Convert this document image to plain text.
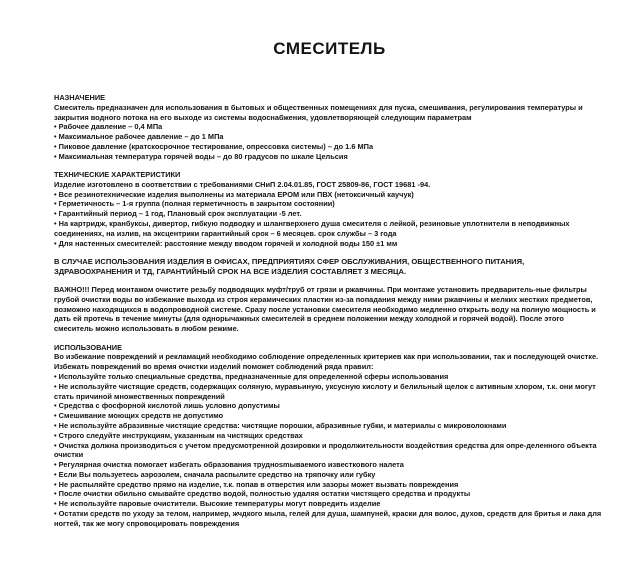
СМЕСИТЕЛЬ
НАЗНАЧЕНИЕ
Смеситель предназначен для использования в бытовых и общественных помещениях для пуска, смешивания, регулирования температуры и закрытия водного потока на его выходе из системы водоснабжения, удовлетворяющей следующим параметрам
• Рабочее давление – 0,4 МПа
• Максимальное рабочее давление – до 1 МПа
• Пиковое давление (кратскосрочное тестирование, опрессовка системы) – до 1.6 МПа
• Максимальная температура горячей воды – до 80 градусов по шкале Цельсия
ТЕХНИЧЕСКИЕ ХАРАКТЕРИСТИКИ
Изделие изготовлено в соответствии с требованиями СНиП 2.04.01.85, ГОСТ 25809-86, ГОСТ 19681 -94.
• Все резинотехнические изделия выполнены из материала EPOM или ПВХ (нетоксичный каучук)
• Герметичность – 1-я группа (полная герметичность в закрытом состоянии)
• Гарантийный период – 1 год, Плановый срок эксплуатации -5 лет.
• На картридж, кранбуксы, дивертор, гибкую подводку и шлангверхнего душа смесителя с лейкой, резиновые уплотнители в неподвижных соединениях, на излив, на эксцентрики гарантийный срок – 6 месяцев. срок службы – 3 года
• Для настенных смесителей: расстояние между вводом горячей и холодной воды 150 ±1 мм
В СЛУЧАЕ ИСПОЛЬЗОВАНИЯ ИЗДЕЛИЯ В ОФИСАХ, ПРЕДПРИЯТИЯХ СФЕР ОБСЛУЖИВАНИЯ, ОБЩЕСТВЕННОГО ПИТАНИЯ, ЗДРАВООХРАНЕНИЯ И ТД, ГАРАНТИЙНЫЙ СРОК НА ВСЕ ИЗДЕЛИЯ СОСТАВЛЯЕТ 3 МЕСЯЦА.
ВАЖНО!!! Перед монтажом очистите резьбу подводящих муфт/труб от грязи и ржавчины. При монтаже установить предваритель-ные фильтры грубой очистки воды во избежание выхода из строя керамических пластин из-за попадания между ними ржавчины и мелких жестких предметов, возможно находящихся в водопроводной системе. Сразу после установки смесителя необходимо медленно открыть воду на полную мощность и дать ей протечь в течение минуты (для однорычажных смесителей в среднем положении между холодной и горячей водой). После этого смеситель можно использовать в любом режиме.
ИСПОЛЬЗОВАНИЕ
Во избежание повреждений и рекламаций необходимо соблюдение определенных критериев как при использовании, так и последующей очистке. Избежать повреждений во время очистки изделий поможет соблюдений ряда правил:
• Используйте только специальные средства, предназначенные для определенной сферы использования
• Не используйте чистящие средств, содержащих соляную, муравьиную, уксусную кислоту и белильный щелок с активным хлором, т.к. они могут стать причиной множественных повреждений
• Средства с фосфорной кислотой лишь условно допустимы
• Смешивание моющих средств не допустимо
• Не используйте абразивные чистящие средства: чистящие порошки, абразивные губки, и материалы с микроволокнами
• Строго следуйте инструкциям, указанным на чистящих средствах
• Очистка должна производиться с учетом предусмотренной дозировки и продолжительности воздействия средства для опре-деленного объекта очистки
• Регулярная очистка помогает избегать образования труднosmываемого известкового налета
• Если Вы пользуетесь аэрозолем, сначала распылите средство на тряпочку или губку
• Не распыляйте средство прямо на изделие, т.к. попав в отверстия или зазоры может вызвать повреждения
• После очистки обильно смывайте средство водой, полностью удаляя остатки чистящего средства и продукты
• Не используйте паровые очистители. Высокие температуры могут повредить изделие
• Остатки средств по уходу за телом, например, жчдкого мыла, гелей для душа, шампуней, краски для волос, духов, средств для бритья и лака для ногтей, так же могу спровоцировать повреждения
